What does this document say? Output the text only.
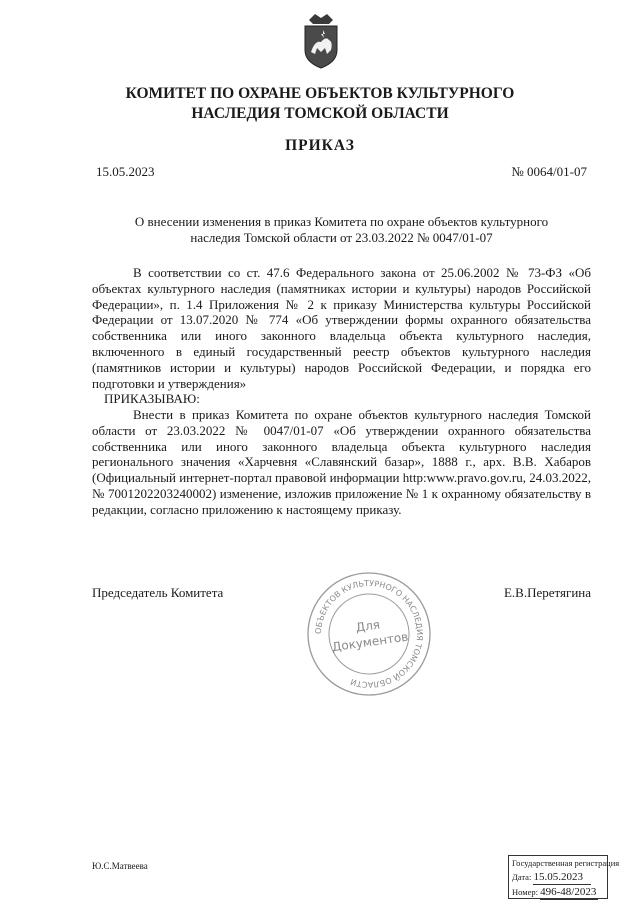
КОМИТЕТ ПО ОХРАНЕ ОБЪЕКТОВ КУЛЬТУРНОГО
НАСЛЕДИЯ ТОМСКОЙ ОБЛАСТИ
ПРИКАЗ
15.05.2023	№ 0064/01-07
О внесении изменения в приказ Комитета по охране объектов культурного
наследия Томской области от 23.03.2022 № 0047/01-07

В соответствии со ст. 47.6 Федерального закона от 25.06.2002 № 73-ФЗ «Об объектах культурного наследия (памятниках истории и культуры) народов Российской Федерации», п. 1.4 Приложения № 2 к приказу Министерства культуры Российской Федерации от 13.07.2020 № 774 «Об утверждении формы охранного обязательства собственника или иного законного владельца объекта культурного наследия, включенного в единый государственный реестр объектов культурного наследия (памятников истории и культуры) народов Российской Федерации, и порядка его подготовки и утверждения»

ПРИКАЗЫВАЮ:

Внести в приказ Комитета по охране объектов культурного наследия Томской области от 23.03.2022 № 0047/01-07 «Об утверждении охранного обязательства собственника или иного законного владельца объекта культурного наследия регионального значения «Харчевня «Славянский базар», 1888 г., арх. В.В. Хабаров (Официальный интернет-портал правовой информации http:www.pravo.gov.ru, 24.03.2022, № 7001202203240002) изменение, изложив приложение № 1 к охранному обязательству в редакции, согласно приложению к настоящему приказу.

Председатель Комитета	Е.В.Перетягина
ОБЪЕКТОВ КУЛЬТУРНОГО НАСЛЕДИЯ ТОМСКОЙ ОБЛАСТИ
Для
Документов
Ю.С.Матвеева	Государственная регистрация
Дата: 15.05.2023
Номер: 496-48/2023
